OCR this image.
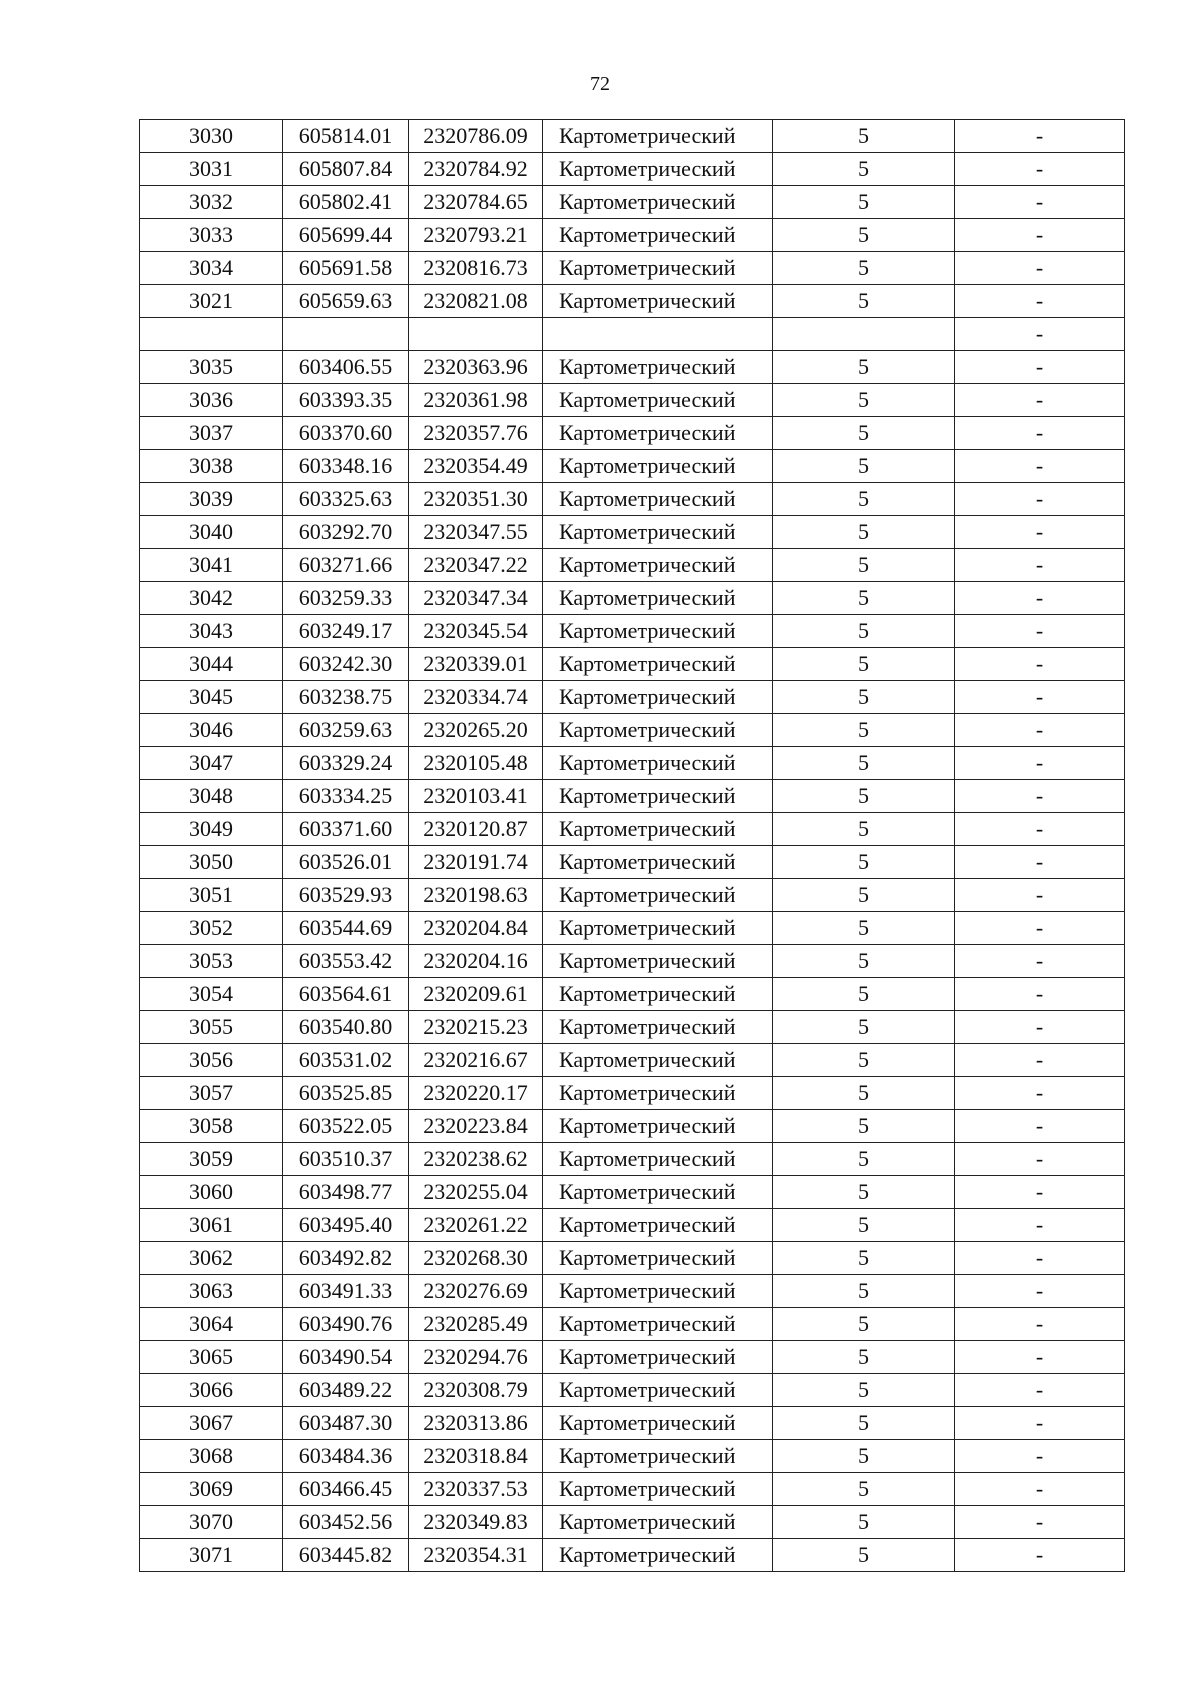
72
3030	605814.01	2320786.09	Картометрический	5	-
3031	605807.84	2320784.92	Картометрический	5	-
3032	605802.41	2320784.65	Картометрический	5	-
3033	605699.44	2320793.21	Картометрический	5	-
3034	605691.58	2320816.73	Картометрический	5	-
3021	605659.63	2320821.08	Картометрический	5	-
					-
3035	603406.55	2320363.96	Картометрический	5	-
3036	603393.35	2320361.98	Картометрический	5	-
3037	603370.60	2320357.76	Картометрический	5	-
3038	603348.16	2320354.49	Картометрический	5	-
3039	603325.63	2320351.30	Картометрический	5	-
3040	603292.70	2320347.55	Картометрический	5	-
3041	603271.66	2320347.22	Картометрический	5	-
3042	603259.33	2320347.34	Картометрический	5	-
3043	603249.17	2320345.54	Картометрический	5	-
3044	603242.30	2320339.01	Картометрический	5	-
3045	603238.75	2320334.74	Картометрический	5	-
3046	603259.63	2320265.20	Картометрический	5	-
3047	603329.24	2320105.48	Картометрический	5	-
3048	603334.25	2320103.41	Картометрический	5	-
3049	603371.60	2320120.87	Картометрический	5	-
3050	603526.01	2320191.74	Картометрический	5	-
3051	603529.93	2320198.63	Картометрический	5	-
3052	603544.69	2320204.84	Картометрический	5	-
3053	603553.42	2320204.16	Картометрический	5	-
3054	603564.61	2320209.61	Картометрический	5	-
3055	603540.80	2320215.23	Картометрический	5	-
3056	603531.02	2320216.67	Картометрический	5	-
3057	603525.85	2320220.17	Картометрический	5	-
3058	603522.05	2320223.84	Картометрический	5	-
3059	603510.37	2320238.62	Картометрический	5	-
3060	603498.77	2320255.04	Картометрический	5	-
3061	603495.40	2320261.22	Картометрический	5	-
3062	603492.82	2320268.30	Картометрический	5	-
3063	603491.33	2320276.69	Картометрический	5	-
3064	603490.76	2320285.49	Картометрический	5	-
3065	603490.54	2320294.76	Картометрический	5	-
3066	603489.22	2320308.79	Картометрический	5	-
3067	603487.30	2320313.86	Картометрический	5	-
3068	603484.36	2320318.84	Картометрический	5	-
3069	603466.45	2320337.53	Картометрический	5	-
3070	603452.56	2320349.83	Картометрический	5	-
3071	603445.82	2320354.31	Картометрический	5	-
